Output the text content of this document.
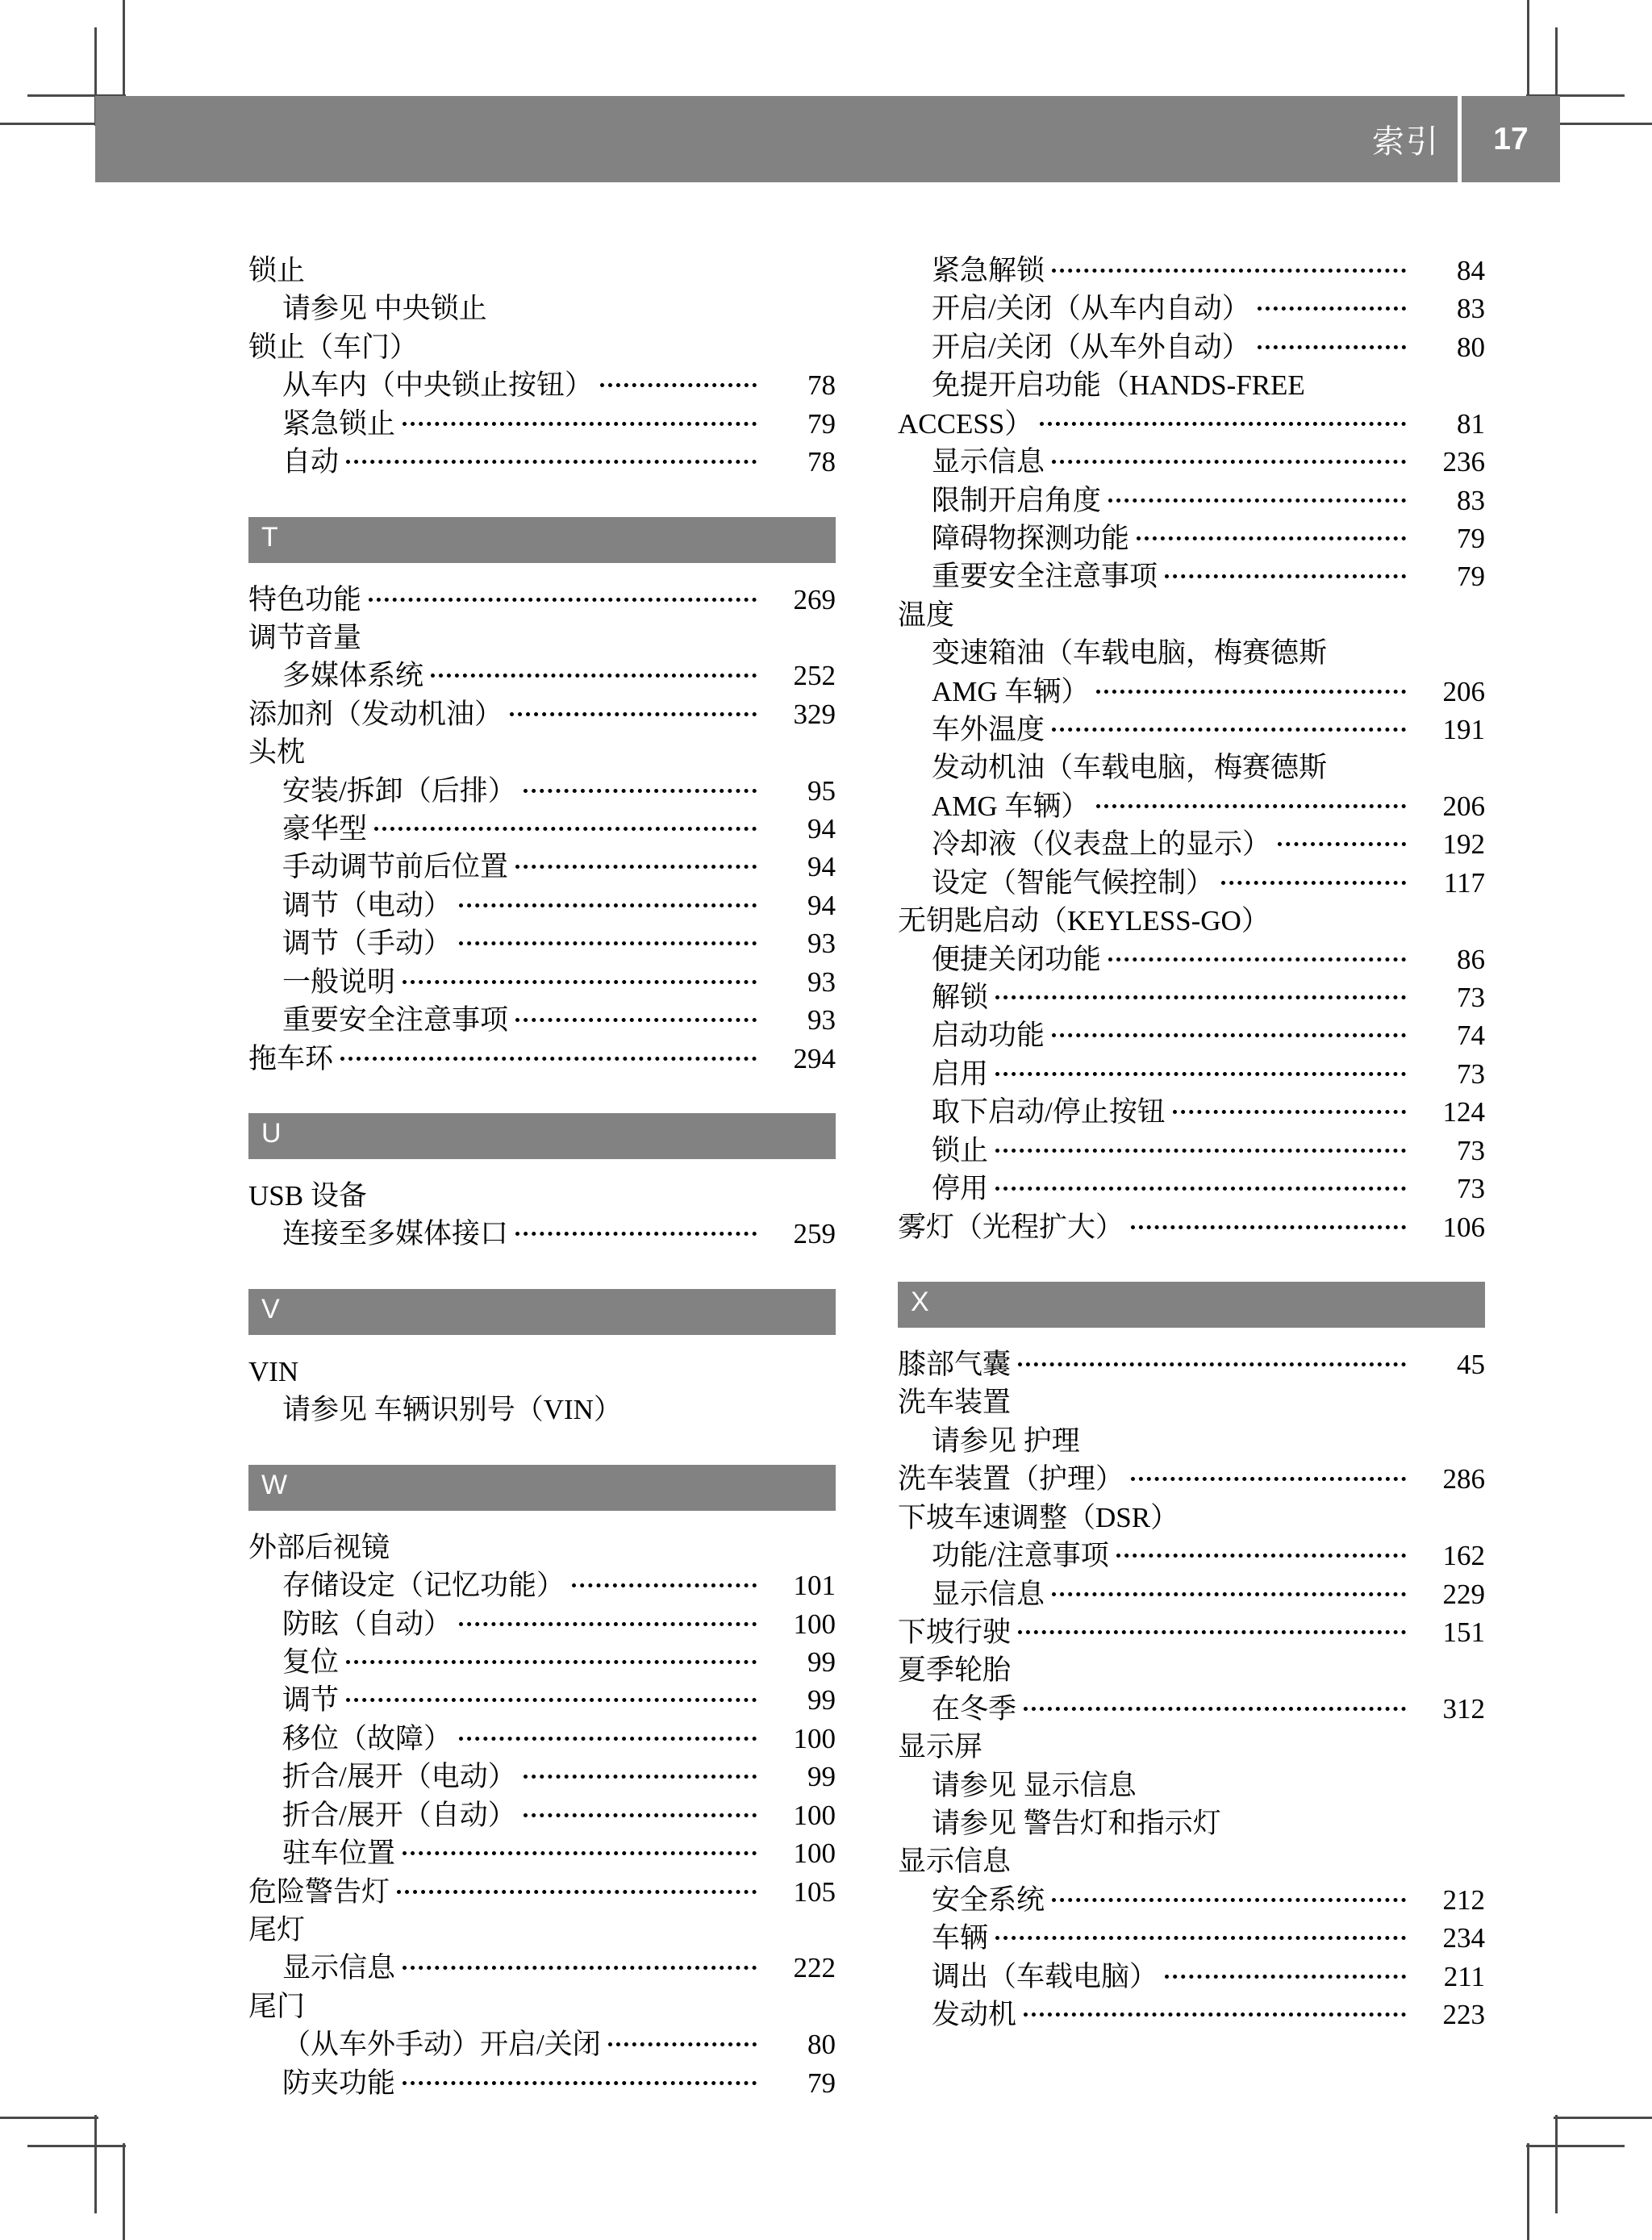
索引	17
锁止
请参见 中央锁止
锁止（车门）
从车内（中央锁止按钮）	78
紧急锁止	79
自动	78
T
特色功能	269
调节音量
多媒体系统	252
添加剂（发动机油）	329
头枕
安装/拆卸（后排）	95
豪华型	94
手动调节前后位置	94
调节（电动）	94
调节（手动）	93
一般说明	93
重要安全注意事项	93
拖车环	294
U
USB 设备
连接至多媒体接口	259
V
VIN
请参见 车辆识别号（VIN）
W
外部后视镜
存储设定（记忆功能）	101
防眩（自动）	100
复位	99
调节	99
移位（故障）	100
折合/展开（电动）	99
折合/展开（自动）	100
驻车位置	100
危险警告灯	105
尾灯
显示信息	222
尾门
（从车外手动）开启/关闭	80
防夹功能	79
紧急解锁	84
开启/关闭（从车内自动）	83
开启/关闭（从车外自动）	80
免提开启功能（HANDS-FREE
ACCESS）	81
显示信息	236
限制开启角度	83
障碍物探测功能	79
重要安全注意事项	79
温度
变速箱油（车载电脑，梅赛德斯
AMG 车辆）	206
车外温度	191
发动机油（车载电脑，梅赛德斯
AMG 车辆）	206
冷却液（仪表盘上的显示）	192
设定（智能气候控制）	117
无钥匙启动（KEYLESS-GO）
便捷关闭功能	86
解锁	73
启动功能	74
启用	73
取下启动/停止按钮	124
锁止	73
停用	73
雾灯（光程扩大）	106
X
膝部气囊	45
洗车装置
请参见 护理
洗车装置（护理）	286
下坡车速调整（DSR）
功能/注意事项	162
显示信息	229
下坡行驶	151
夏季轮胎
在冬季	312
显示屏
请参见 显示信息
请参见 警告灯和指示灯
显示信息
安全系统	212
车辆	234
调出（车载电脑）	211
发动机	223
